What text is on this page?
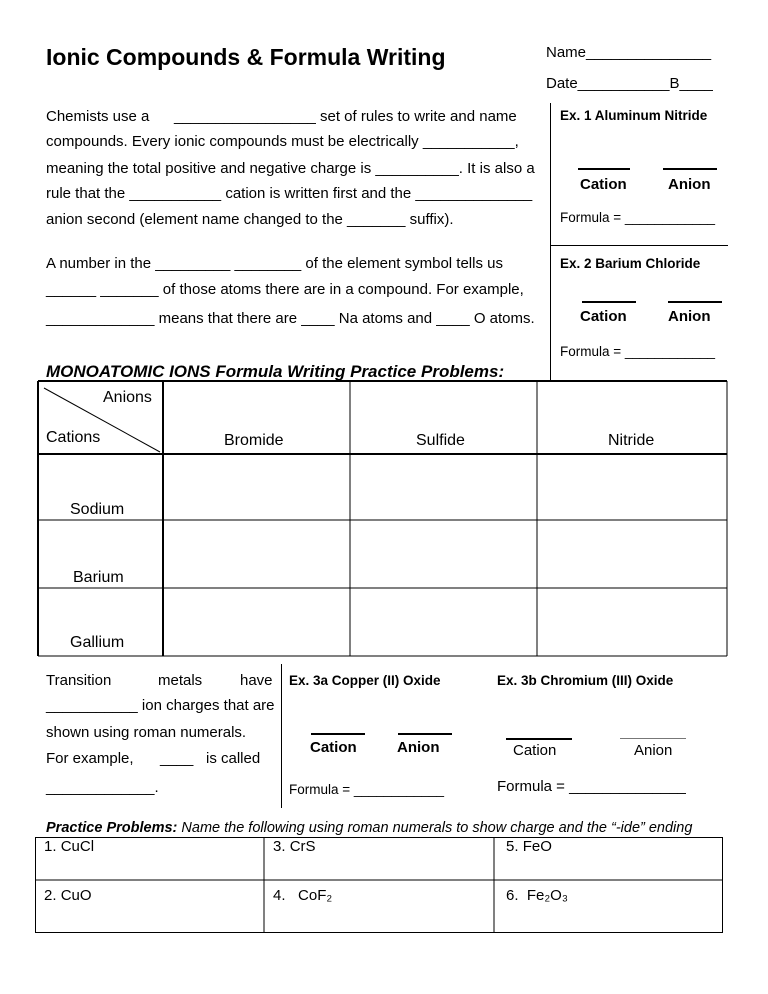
Ionic Compounds & Formula Writing	Name_______________
Date___________B____
Chemists use a _________________ set of rules to write and name
compounds. Every ionic compounds must be electrically ___________,
meaning the total positive and negative charge is __________. It is also a
rule that the ___________ cation is written first and the ______________
anion second (element name changed to the _______ suffix).
A number in the _________ ________ of the element symbol tells us
______ _______ of those atoms there are in a compound. For example,
_____________ means that there are ____ Na atoms and ____ O atoms.
Ex. 1 Aluminum Nitride
Cation	Anion
Formula = ____________
Ex. 2 Barium Chloride
Cation	Anion
Formula = ____________
MONOATOMIC IONS Formula Writing Practice Problems:
Anions
Cations	Bromide	Sulfide	Nitride
Sodium
Barium
Gallium
Transition	metals	have
___________ ion charges that are
shown using roman numerals.
For example, ____ is called
_____________.
Ex. 3a Copper (II) Oxide
Cation	Anion
Formula = ____________
Ex. 3b Chromium (III) Oxide
Cation	Anion
Formula = ______________
Practice Problems: Name the following using roman numerals to show charge and the “-ide” ending
1. CuCl	3. CrS	5. FeO
2. CuO	4. CoF₂	6. Fe₂O₃
